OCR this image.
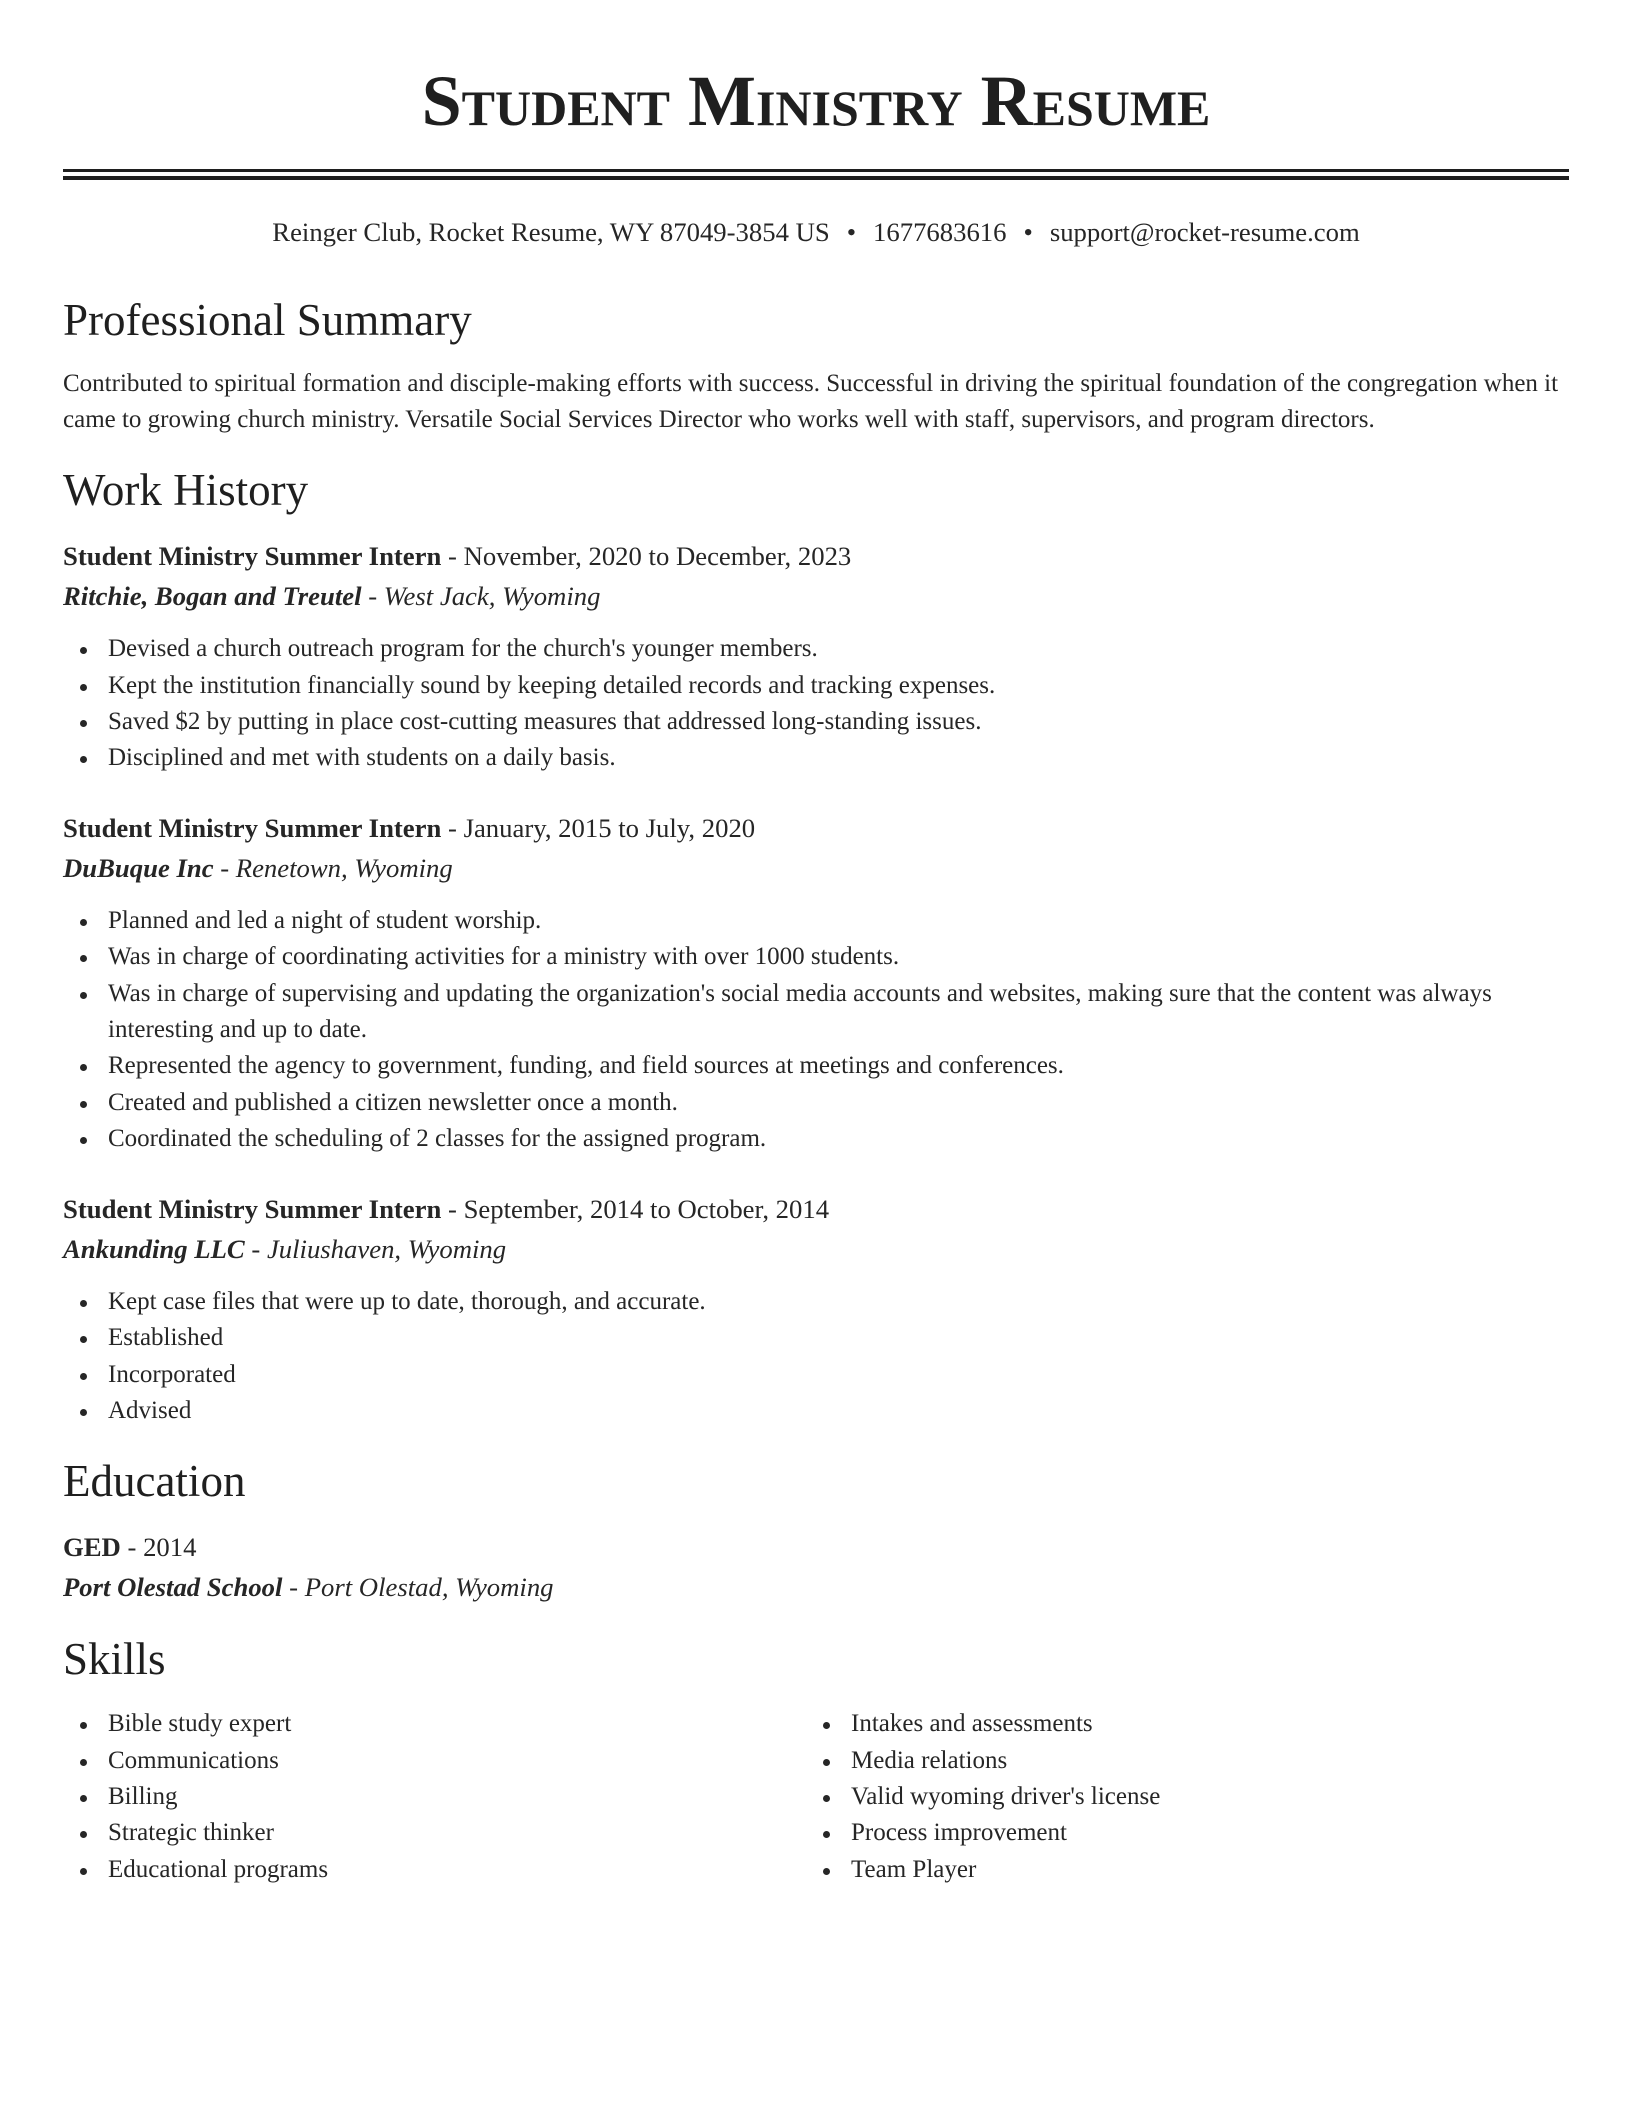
Student Ministry Resume
Reinger Club, Rocket Resume, WY 87049-3854 US • 1677683616 • support@rocket-resume.com
Professional Summary

Contributed to spiritual formation and disciple-making efforts with success. Successful in driving the spiritual foundation of the congregation when it came to growing church ministry. Versatile Social Services Director who works well with staff, supervisors, and program directors.

Work History
Student Ministry Summer Intern - November, 2020 to December, 2023
Ritchie, Bogan and Treutel - West Jack, Wyoming
Devised a church outreach program for the church's younger members.
Kept the institution financially sound by keeping detailed records and tracking expenses.
Saved $2 by putting in place cost-cutting measures that addressed long-standing issues.
Disciplined and met with students on a daily basis.
Student Ministry Summer Intern - January, 2015 to July, 2020
DuBuque Inc - Renetown, Wyoming
Planned and led a night of student worship.
Was in charge of coordinating activities for a ministry with over 1000 students.
Was in charge of supervising and updating the organization's social media accounts and websites, making sure that the content was always interesting and up to date.
Represented the agency to government, funding, and field sources at meetings and conferences.
Created and published a citizen newsletter once a month.
Coordinated the scheduling of 2 classes for the assigned program.
Student Ministry Summer Intern - September, 2014 to October, 2014
Ankunding LLC - Juliushaven, Wyoming
Kept case files that were up to date, thorough, and accurate.
Established
Incorporated
Advised
Education
GED - 2014
Port Olestad School - Port Olestad, Wyoming
Skills
Bible study expert
Communications
Billing
Strategic thinker
Educational programs
Intakes and assessments
Media relations
Valid wyoming driver's license
Process improvement
Team Player
